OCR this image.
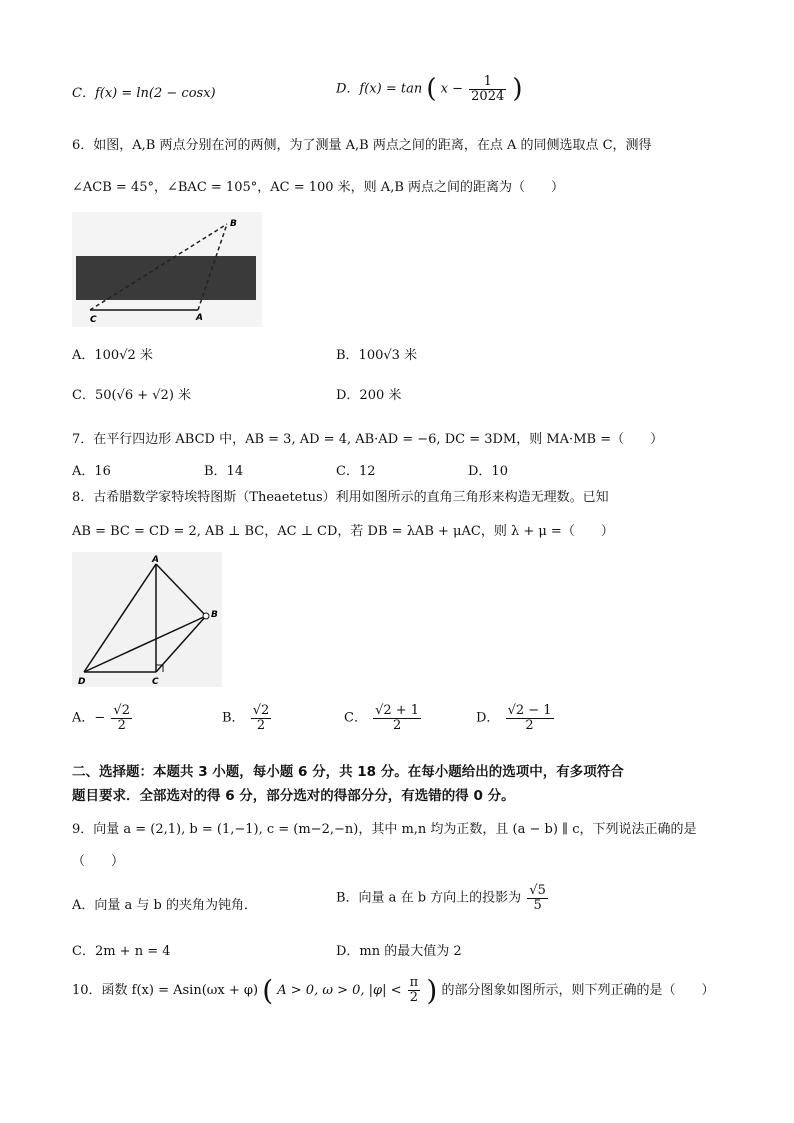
C．f(x) = ln(2 − cosx)	D．f(x) = tan ( $x - \frac{1}{2024}$ )
6．如图，A,B 两点分别在河的两侧，为了测量 A,B 两点之间的距离，在点 A 的同侧选取点 C，测得
∠ACB = 45°，∠BAC = 105°，AC = 100 米，则 A,B 两点之间的距离为（　　）
B
C	A
A．100√2 米	B．100√3 米
C．50(√6 + √2) 米	D．200 米
7．在平行四边形 ABCD 中，AB = 3, AD = 4, AB·AD = −6, DC = 3DM，则 MA·MB =（　　）
A．16	B．14	C．12	D．10
8．古希腊数学家特埃特图斯（Theaetetus）利用如图所示的直角三角形来构造无理数。已知
AB = BC = CD = 2, AB ⊥ BC，AC ⊥ CD，若 DB = λAB + μAC，则 λ + μ =（　　）
A
B
C
D
A．− $\frac{√2}{2}$	B． $\frac{√2}{2}$	C． $\frac{√2 + 1}{2}$	D． $\frac{√2 - 1}{2}$
二、选择题：本题共 3 小题，每小题 6 分，共 18 分。在每小题给出的选项中，有多项符合
题目要求．全部选对的得 6 分，部分选对的得部分分，有选错的得 0 分。
9．向量 a = (2,1), b = (1,−1), c = (m−2,−n)，其中 m,n 均为正数，且 (a − b) ∥ c，下列说法正确的是
（　　）
A．向量 a 与 b 的夹角为钝角．	B．向量 a 在 b 方向上的投影为 $\frac{√5}{5}$
C．2m + n = 4	D．mn 的最大值为 2
10．函数 f(x) = Asin(ωx + φ) ( A > 0, ω > 0, $|\varphi| < \frac{\pi}{2}$ ) 的部分图象如图所示，则下列正确的是（　　）
